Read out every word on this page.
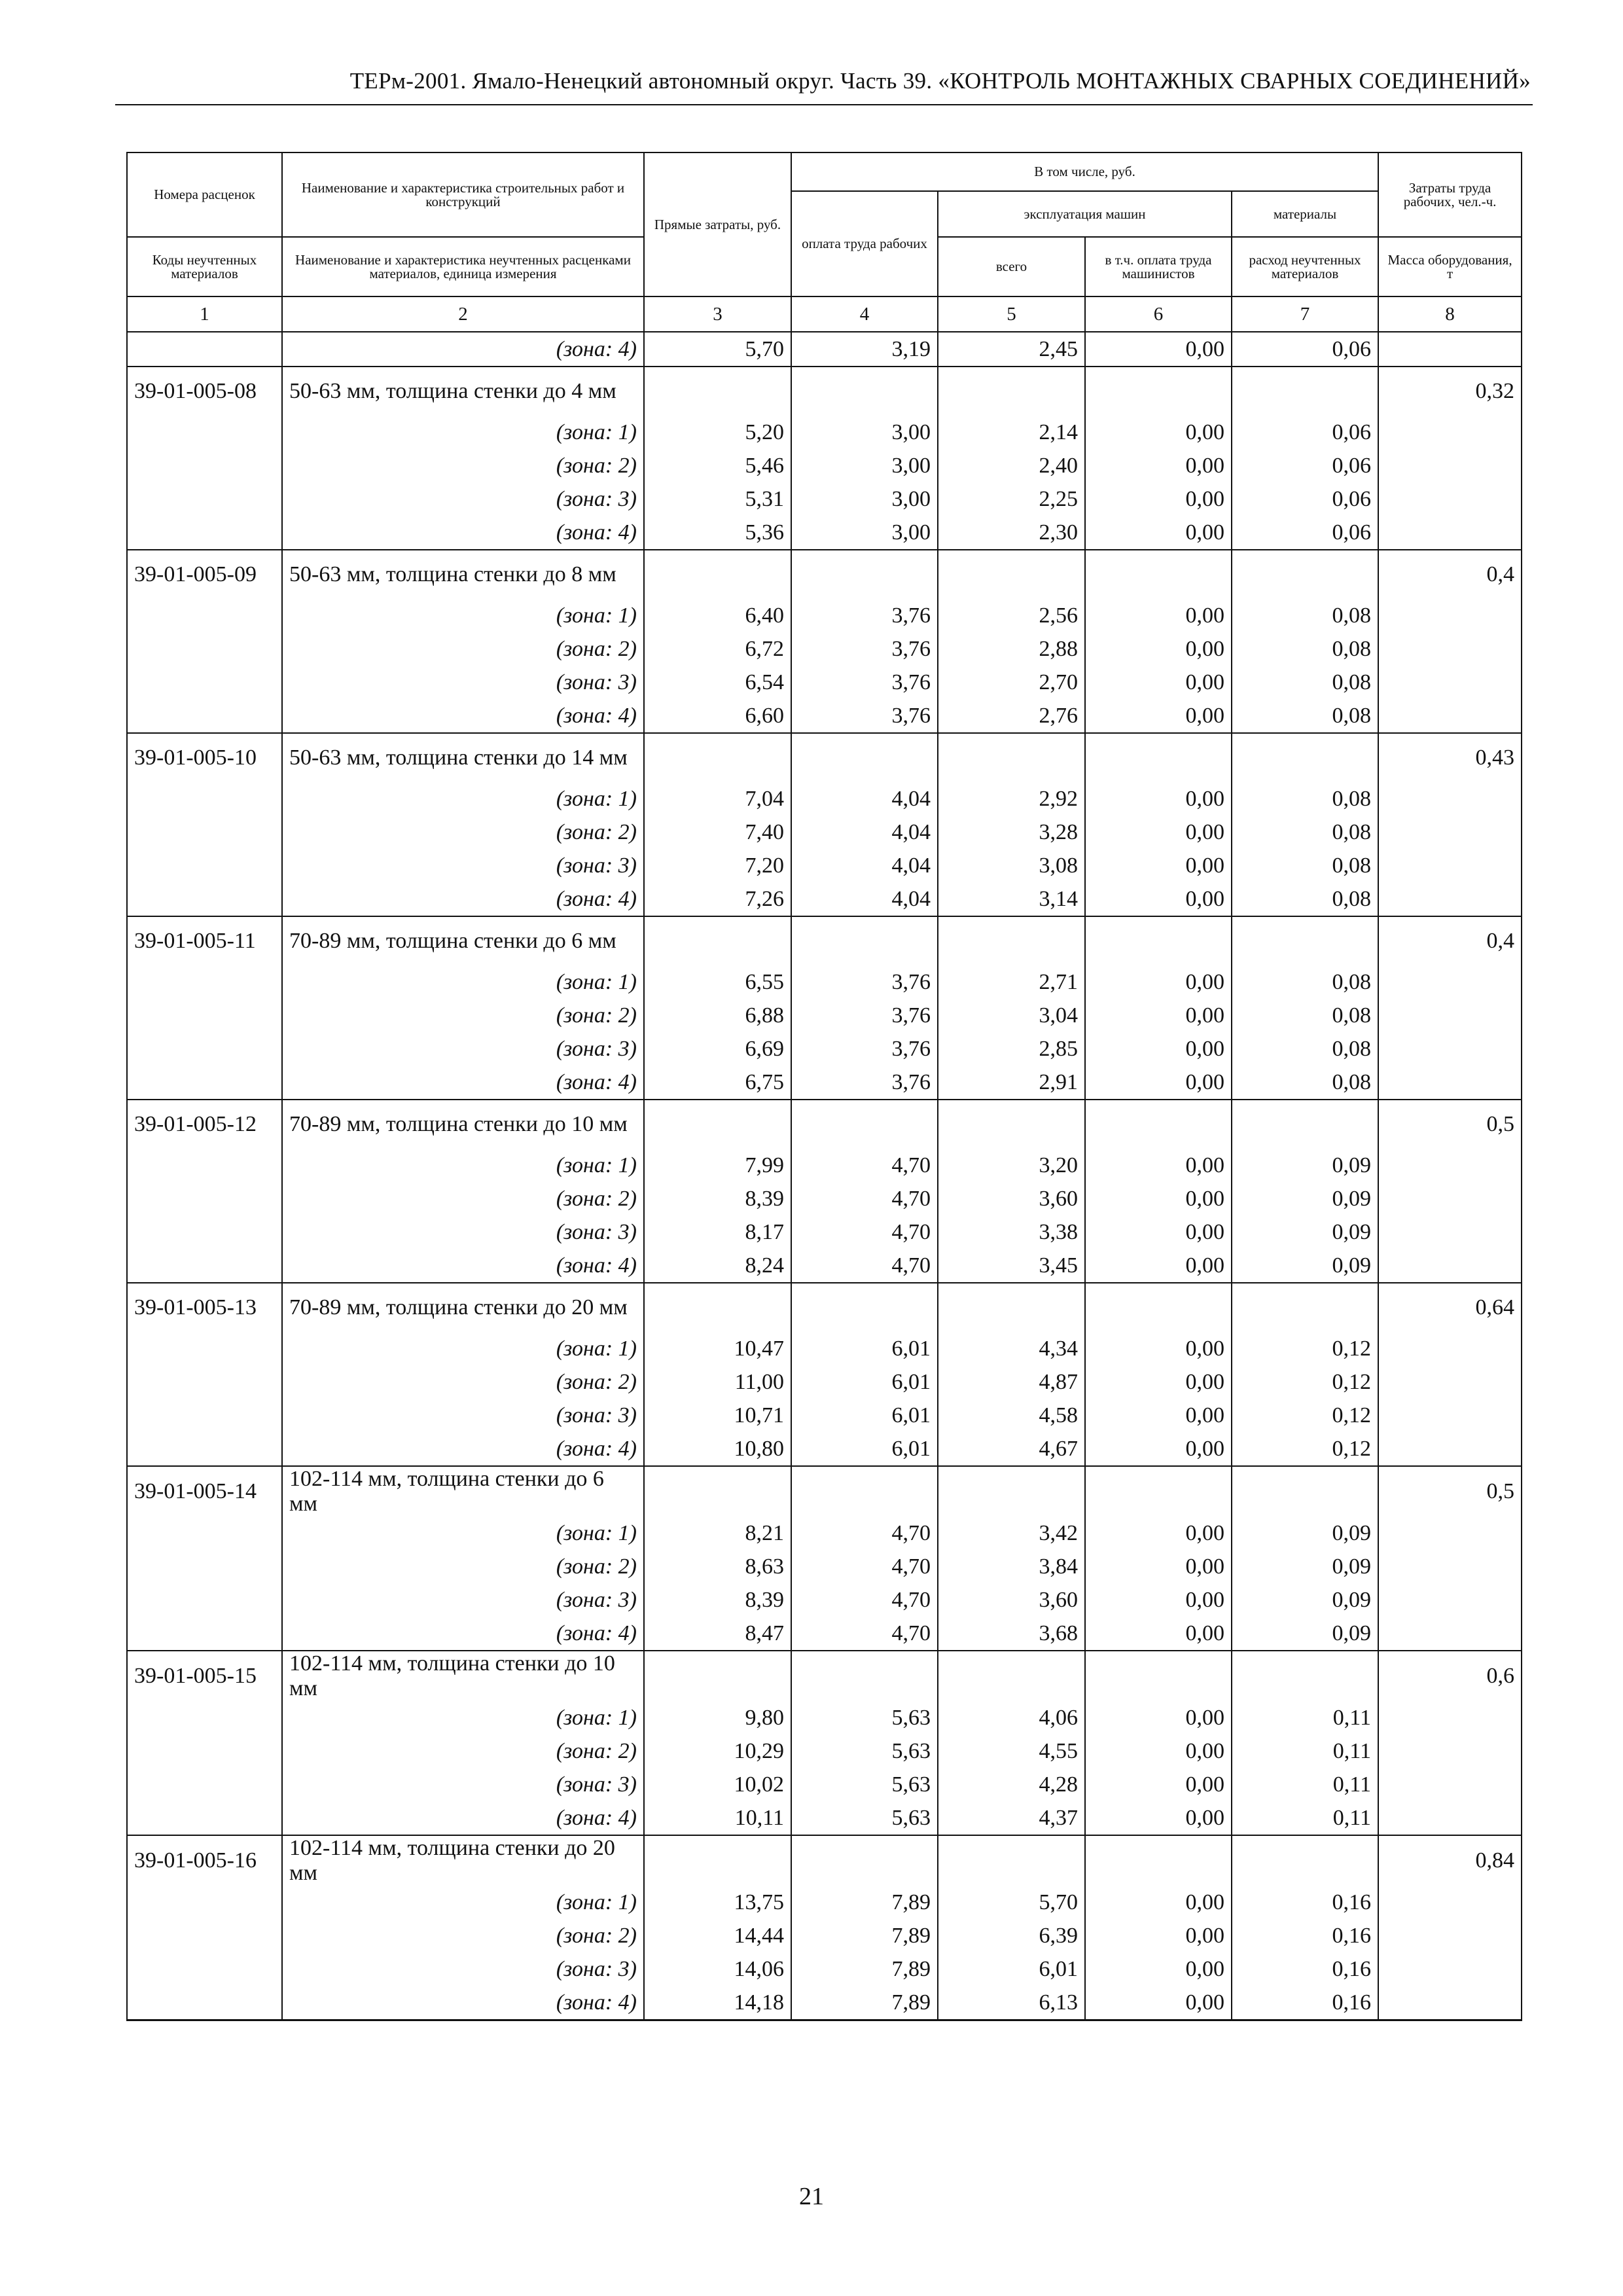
ТЕРм-2001. Ямало-Ненецкий автономный округ. Часть 39. «КОНТРОЛЬ МОНТАЖНЫХ СВАРНЫХ СОЕДИНЕНИЙ»
Номера расценок	Наименование и характеристика строительных работ и конструкций	Прямые затраты, руб.	В том числе, руб.				Затраты труда рабочих, чел.-ч.
			оплата труда рабочих	эксплуатация машин		материалы	
Коды неучтенных материалов	Наименование и характеристика неучтенных расценками материалов, единица измерения			всего	в т.ч. оплата труда машинистов	расход неучтенных материалов	Масса оборудования, т
1	2	3	4	5	6	7	8
	(зона: 4)	5,70	3,19	2,45	0,00	0,06	
39-01-005-08	50-63 мм, толщина стенки до 4 мм						0,32
	(зона: 1)	5,20	3,00	2,14	0,00	0,06	
	(зона: 2)	5,46	3,00	2,40	0,00	0,06	
	(зона: 3)	5,31	3,00	2,25	0,00	0,06	
	(зона: 4)	5,36	3,00	2,30	0,00	0,06	
39-01-005-09	50-63 мм, толщина стенки до 8 мм						0,4
	(зона: 1)	6,40	3,76	2,56	0,00	0,08	
	(зона: 2)	6,72	3,76	2,88	0,00	0,08	
	(зона: 3)	6,54	3,76	2,70	0,00	0,08	
	(зона: 4)	6,60	3,76	2,76	0,00	0,08	
39-01-005-10	50-63 мм, толщина стенки до 14 мм						0,43
	(зона: 1)	7,04	4,04	2,92	0,00	0,08	
	(зона: 2)	7,40	4,04	3,28	0,00	0,08	
	(зона: 3)	7,20	4,04	3,08	0,00	0,08	
	(зона: 4)	7,26	4,04	3,14	0,00	0,08	
39-01-005-11	70-89 мм, толщина стенки до 6 мм						0,4
	(зона: 1)	6,55	3,76	2,71	0,00	0,08	
	(зона: 2)	6,88	3,76	3,04	0,00	0,08	
	(зона: 3)	6,69	3,76	2,85	0,00	0,08	
	(зона: 4)	6,75	3,76	2,91	0,00	0,08	
39-01-005-12	70-89 мм, толщина стенки до 10 мм						0,5
	(зона: 1)	7,99	4,70	3,20	0,00	0,09	
	(зона: 2)	8,39	4,70	3,60	0,00	0,09	
	(зона: 3)	8,17	4,70	3,38	0,00	0,09	
	(зона: 4)	8,24	4,70	3,45	0,00	0,09	
39-01-005-13	70-89 мм, толщина стенки до 20 мм						0,64
	(зона: 1)	10,47	6,01	4,34	0,00	0,12	
	(зона: 2)	11,00	6,01	4,87	0,00	0,12	
	(зона: 3)	10,71	6,01	4,58	0,00	0,12	
	(зона: 4)	10,80	6,01	4,67	0,00	0,12	
39-01-005-14	102-114 мм, толщина стенки до 6 мм						0,5
	(зона: 1)	8,21	4,70	3,42	0,00	0,09	
	(зона: 2)	8,63	4,70	3,84	0,00	0,09	
	(зона: 3)	8,39	4,70	3,60	0,00	0,09	
	(зона: 4)	8,47	4,70	3,68	0,00	0,09	
39-01-005-15	102-114 мм, толщина стенки до 10 мм						0,6
	(зона: 1)	9,80	5,63	4,06	0,00	0,11	
	(зона: 2)	10,29	5,63	4,55	0,00	0,11	
	(зона: 3)	10,02	5,63	4,28	0,00	0,11	
	(зона: 4)	10,11	5,63	4,37	0,00	0,11	
39-01-005-16	102-114 мм, толщина стенки до 20 мм						0,84
	(зона: 1)	13,75	7,89	5,70	0,00	0,16	
	(зона: 2)	14,44	7,89	6,39	0,00	0,16	
	(зона: 3)	14,06	7,89	6,01	0,00	0,16	
	(зона: 4)	14,18	7,89	6,13	0,00	0,16	
21
